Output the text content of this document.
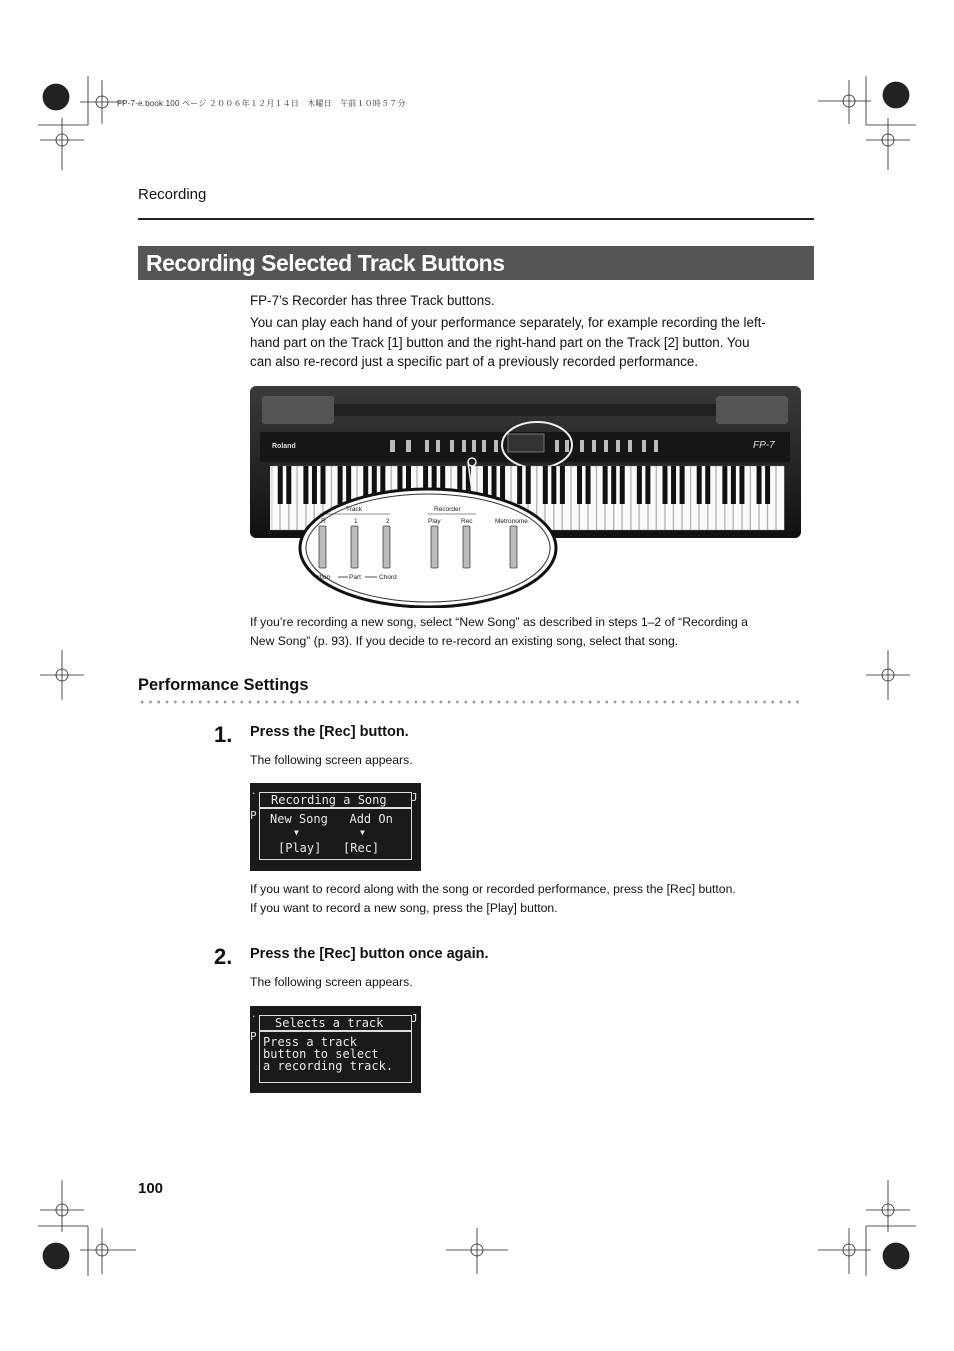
FP-7-e.book 100 ページ ２００６年１２月１４日　木曜日　午前１０時５７分
Recording
Recording Selected Track Buttons
FP-7’s Recorder has three Track buttons.
You can play each hand of your performance separately, for example recording the left-
hand part on the Track [1] button and the right-hand part on the Track [2] button. You
can also re-record just a specific part of a previously recorded performance.
Roland	FP-7
Track	Recorder
R	1	2	Play	Rec	Metronome
ation	Part	Chord
If you’re recording a new song, select “New Song” as described in steps 1–2 of “Recording a
New Song” (p. 93). If you decide to re-record an existing song, select that song.
Performance Settings
1. Press the [Rec] button.
The following screen appears.
.
P
J
Recording a Song
New Song   Add On
▼	▼
[Play]   [Rec]
If you want to record along with the song or recorded performance, press the [Rec] button.
If you want to record a new song, press the [Play] button.
2. Press the [Rec] button once again.
The following screen appears.
.
P
J
Selects a track
Press a track
button to select
a recording track.
100
